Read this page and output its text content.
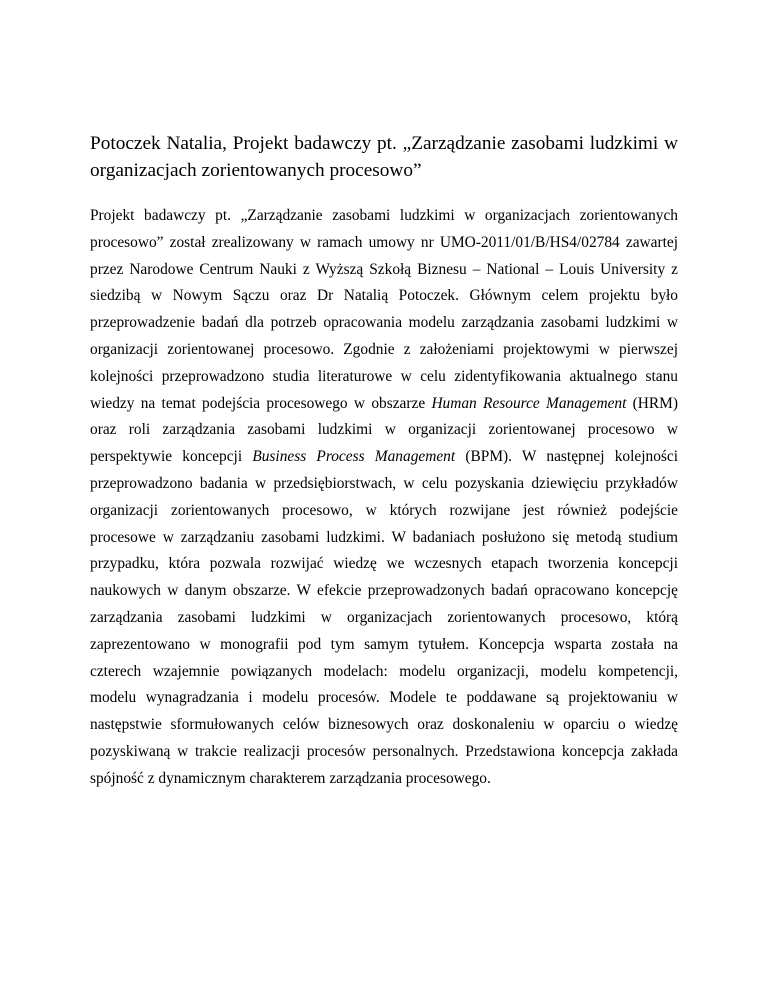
Potoczek Natalia, Projekt badawczy pt. „Zarządzanie zasobami ludzkimi w
organizacjach zorientowanych procesowo”
Projekt badawczy pt. „Zarządzanie zasobami ludzkimi w organizacjach zorientowanych
procesowo” został zrealizowany w ramach umowy nr UMO-2011/01/B/HS4/02784 zawartej
przez Narodowe Centrum Nauki z Wyższą Szkołą Biznesu – National – Louis University z
siedzibą w Nowym Sączu oraz Dr Natalią Potoczek. Głównym celem projektu było
przeprowadzenie badań dla potrzeb opracowania modelu zarządzania zasobami ludzkimi w
organizacji zorientowanej procesowo. Zgodnie z założeniami projektowymi w pierwszej
kolejności przeprowadzono studia literaturowe w celu zidentyfikowania aktualnego stanu
wiedzy na temat podejścia procesowego w obszarze Human Resource Management (HRM)
oraz roli zarządzania zasobami ludzkimi w organizacji zorientowanej procesowo w
perspektywie koncepcji Business Process Management (BPM). W następnej kolejności
przeprowadzono badania w przedsiębiorstwach, w celu pozyskania dziewięciu przykładów
organizacji zorientowanych procesowo, w których rozwijane jest również podejście
procesowe w zarządzaniu zasobami ludzkimi. W badaniach posłużono się metodą studium
przypadku, która pozwala rozwijać wiedzę we wczesnych etapach tworzenia koncepcji
naukowych w danym obszarze. W efekcie przeprowadzonych badań opracowano koncepcję
zarządzania zasobami ludzkimi w organizacjach zorientowanych procesowo, którą
zaprezentowano w monografii pod tym samym tytułem. Koncepcja wsparta została na
czterech wzajemnie powiązanych modelach: modelu organizacji, modelu kompetencji,
modelu wynagradzania i modelu procesów. Modele te poddawane są projektowaniu w
następstwie sformułowanych celów biznesowych oraz doskonaleniu w oparciu o wiedzę
pozyskiwaną w trakcie realizacji procesów personalnych. Przedstawiona koncepcja zakłada
spójność z dynamicznym charakterem zarządzania procesowego.
